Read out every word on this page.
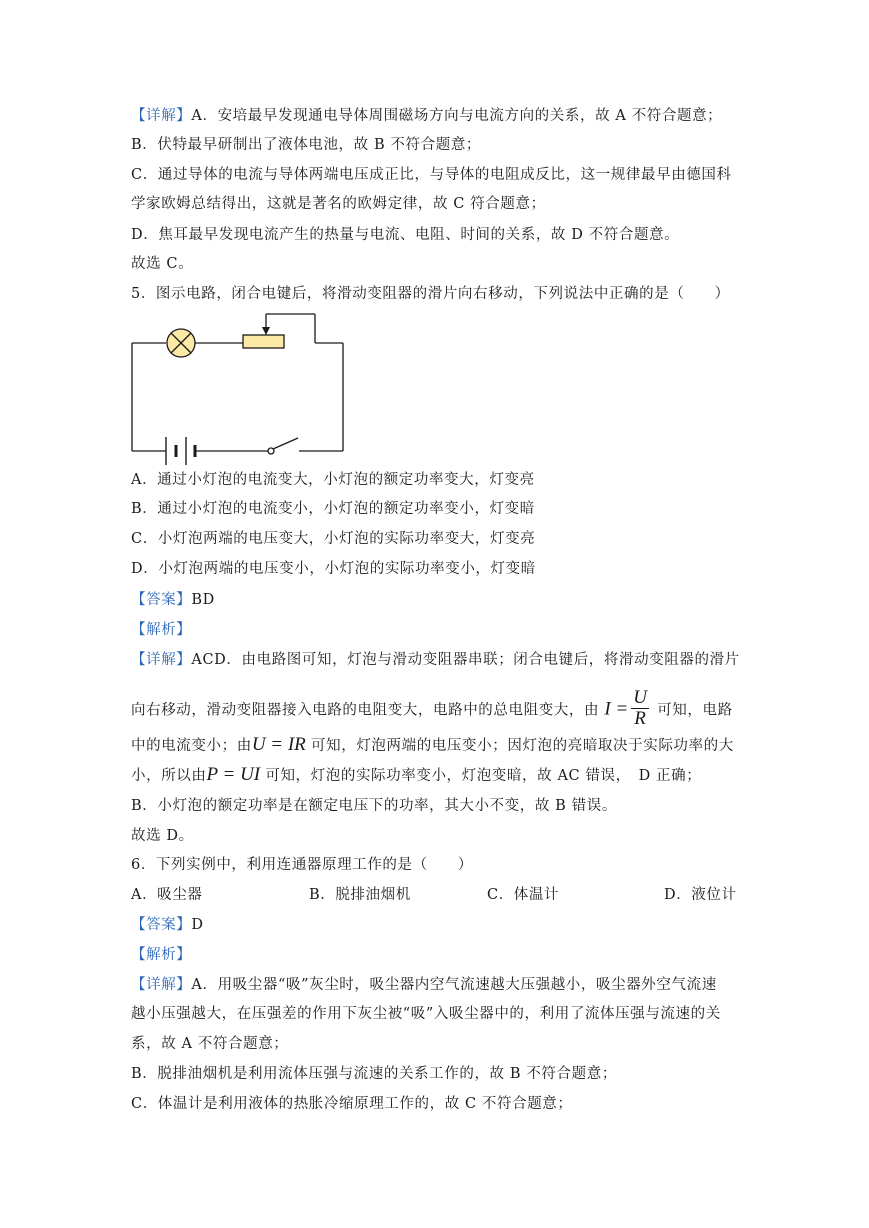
【详解】A．安培最早发现通电导体周围磁场方向与电流方向的关系，故 A 不符合题意；
B．伏特最早研制出了液体电池，故 B 不符合题意；
C．通过导体的电流与导体两端电压成正比，与导体的电阻成反比，这一规律最早由德国科
学家欧姆总结得出，这就是著名的欧姆定律，故 C 符合题意；
D．焦耳最早发现电流产生的热量与电流、电阻、时间的关系，故 D 不符合题意。
故选 C。
5．图示电路，闭合电键后，将滑动变阻器的滑片向右移动，下列说法中正确的是（　　）
A．通过小灯泡的电流变大，小灯泡的额定功率变大，灯变亮
B．通过小灯泡的电流变小，小灯泡的额定功率变小，灯变暗
C．小灯泡两端的电压变大，小灯泡的实际功率变大，灯变亮
D．小灯泡两端的电压变小，小灯泡的实际功率变小，灯变暗
【答案】BD
【解析】
【详解】ACD．由电路图可知，灯泡与滑动变阻器串联；闭合电键后，将滑动变阻器的滑片
向右移动，滑动变阻器接入电路的电阻变大，电路中的总电阻变大，由 $I = \frac{U}{R}$ 可知，电路
中的电流变小；由U = IR 可知，灯泡两端的电压变小；因灯泡的亮暗取决于实际功率的大
小，所以由P = UI 可知，灯泡的实际功率变小，灯泡变暗，故 AC 错误，　D 正确；
B．小灯泡的额定功率是在额定电压下的功率，其大小不变，故 B 错误。
故选 D。
6．下列实例中，利用连通器原理工作的是（　　）
A．吸尘器	B．脱排油烟机	C．体温计	D．液位计
【答案】D
【解析】
【详解】A．用吸尘器“吸”灰尘时，吸尘器内空气流速越大压强越小，吸尘器外空气流速
越小压强越大，在压强差的作用下灰尘被“吸”入吸尘器中的，利用了流体压强与流速的关
系，故 A 不符合题意；
B．脱排油烟机是利用流体压强与流速的关系工作的，故 B 不符合题意；
C．体温计是利用液体的热胀冷缩原理工作的，故 C 不符合题意；
